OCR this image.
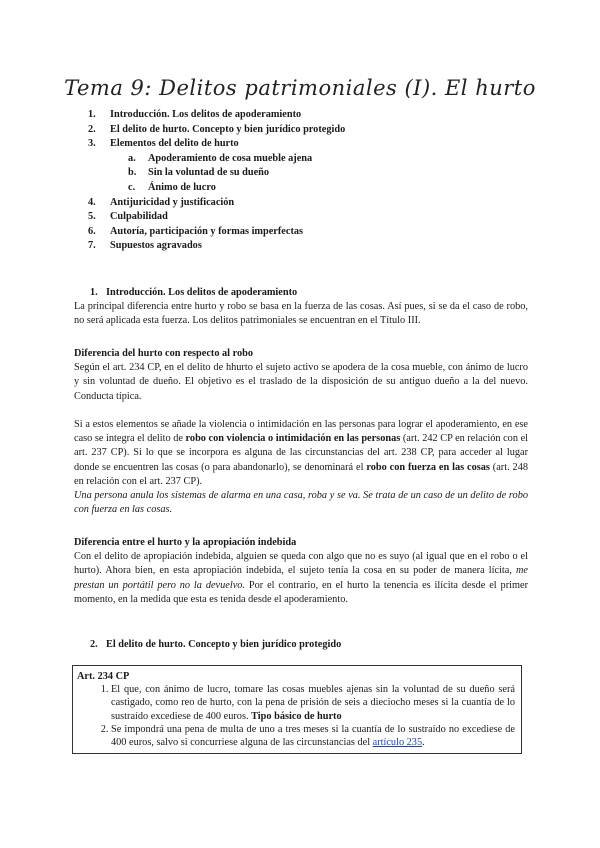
Tema 9: Delitos patrimoniales (I). El hurto
1.	Introducción. Los delitos de apoderamiento
2.	El delito de hurto. Concepto y bien jurídico protegido
3.	Elementos del delito de hurto
a.	Apoderamiento de cosa mueble ajena
b.	Sin la voluntad de su dueño
c.	Ánimo de lucro
4.	Antijuricidad y justificación
5.	Culpabilidad
6.	Autoría, participación y formas imperfectas
7.	Supuestos agravados

1. Introducción. Los delitos de apoderamiento

La principal diferencia entre hurto y robo se basa en la fuerza de las cosas. Así pues, si se da el caso de robo, no será aplicada esta fuerza. Los delitos patrimoniales se encuentran en el Título III.

Diferencia del hurto con respecto al robo

Según el art. 234 CP, en el delito de hhurto el sujeto activo se apodera de la cosa mueble, con ánimo de lucro y sin voluntad de dueño. El objetivo es el traslado de la disposición de su antiguo dueño a la del nuevo. Conducta típica.

Si a estos elementos se añade la violencia o intimidación en las personas para lograr el apoderamiento, en ese caso se integra el delito de robo con violencia o intimidación en las personas (art. 242 CP en relación con el art. 237 CP). Si lo que se incorpora es alguna de las circunstancias del art. 238 CP, para acceder al lugar donde se encuentren las cosas (o para abandonarlo), se denominará el robo con fuerza en las cosas (art. 248 en relación con el art. 237 CP).

Una persona anula los sistemas de alarma en una casa, roba y se va. Se trata de un caso de un delito de robo con fuerza en las cosas.

Diferencia entre el hurto y la apropiación indebida

Con el delito de apropiación indebida, alguien se queda con algo que no es suyo (al igual que en el robo o el hurto). Ahora bien, en esta apropiación indebida, el sujeto tenía la cosa en su poder de manera lícita, me prestan un portátil pero no la devuelvo. Por el contrario, en el hurto la tenencia es ilícita desde el primer momento, en la medida que esta es tenida desde el apoderamiento.

2. El delito de hurto. Concepto y bien jurídico protegido

Art. 234 CP
1. El que, con ánimo de lucro, tomare las cosas muebles ajenas sin la voluntad de su dueño será castigado, como reo de hurto, con la pena de prisión de seis a dieciocho meses si la cuantía de lo sustraído excediese de 400 euros. Tipo básico de hurto
2. Se impondrá una pena de multa de uno a tres meses si la cuantía de lo sustraído no excediese de 400 euros, salvo si concurriese alguna de las circunstancias del artículo 235.
